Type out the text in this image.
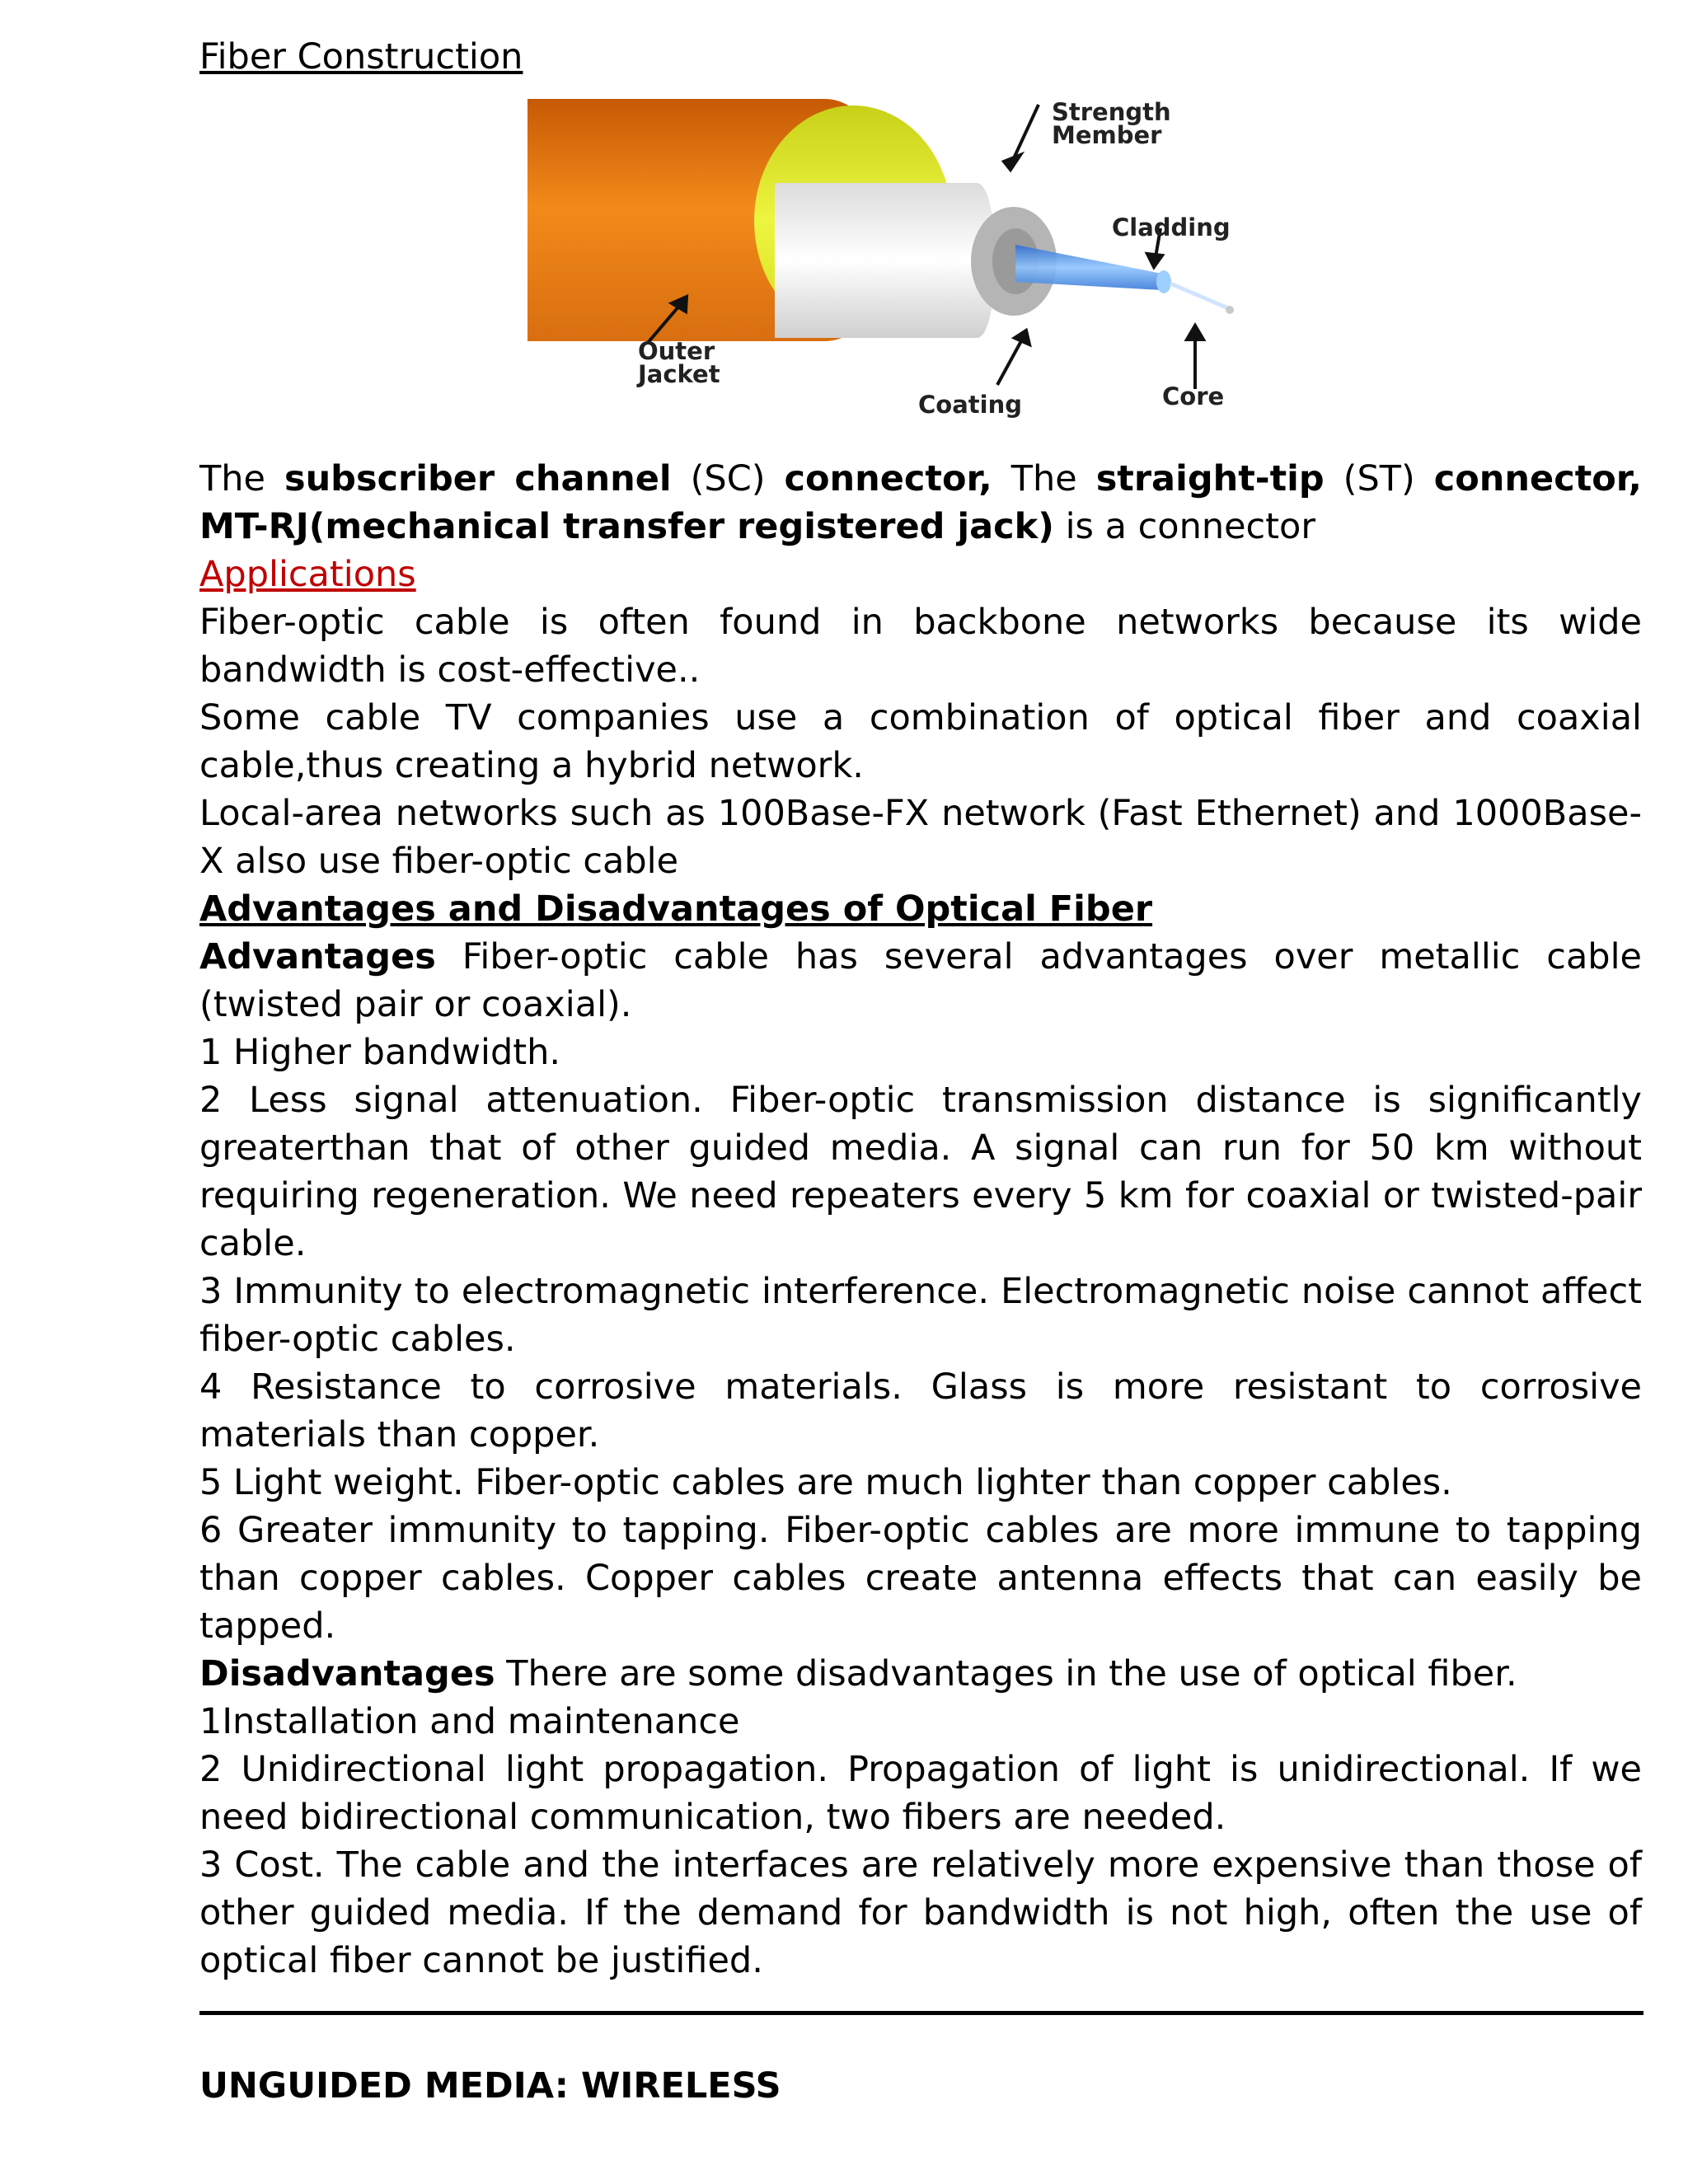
Fiber Construction
Strength
Member
Cladding
Outer
Jacket
Coating	Core

The subscriber channel (SC) connector, The straight-tip (ST) connector, MT-RJ(mechanical transfer registered jack) is a connector

Applications

Fiber-optic cable is often found in backbone networks because its wide bandwidth is cost-effective..

Some cable TV companies use a combination of optical fiber and coaxial cable,thus creating a hybrid network.

Local-area networks such as 100Base-FX network (Fast Ethernet) and 1000Base-X also use fiber-optic cable

Advantages and Disadvantages of Optical Fiber

Advantages Fiber-optic cable has several advantages over metallic cable (twisted pair or coaxial).

1 Higher bandwidth.

2 Less signal attenuation. Fiber-optic transmission distance is significantly greaterthan that of other guided media. A signal can run for 50 km without requiring regeneration. We need repeaters every 5 km for coaxial or twisted-pair cable.

3 Immunity to electromagnetic interference. Electromagnetic noise cannot affect fiber-optic cables.

4 Resistance to corrosive materials. Glass is more resistant to corrosive materials than copper.

5 Light weight. Fiber-optic cables are much lighter than copper cables.

6 Greater immunity to tapping. Fiber-optic cables are more immune to tapping than copper cables. Copper cables create antenna effects that can easily be tapped.

Disadvantages There are some disadvantages in the use of optical fiber.

1Installation and maintenance

2 Unidirectional light propagation. Propagation of light is unidirectional. If we need bidirectional communication, two fibers are needed.

3 Cost. The cable and the interfaces are relatively more expensive than those of other guided media. If the demand for bandwidth is not high, often the use of optical fiber cannot be justified.

UNGUIDED MEDIA: WIRELESS
